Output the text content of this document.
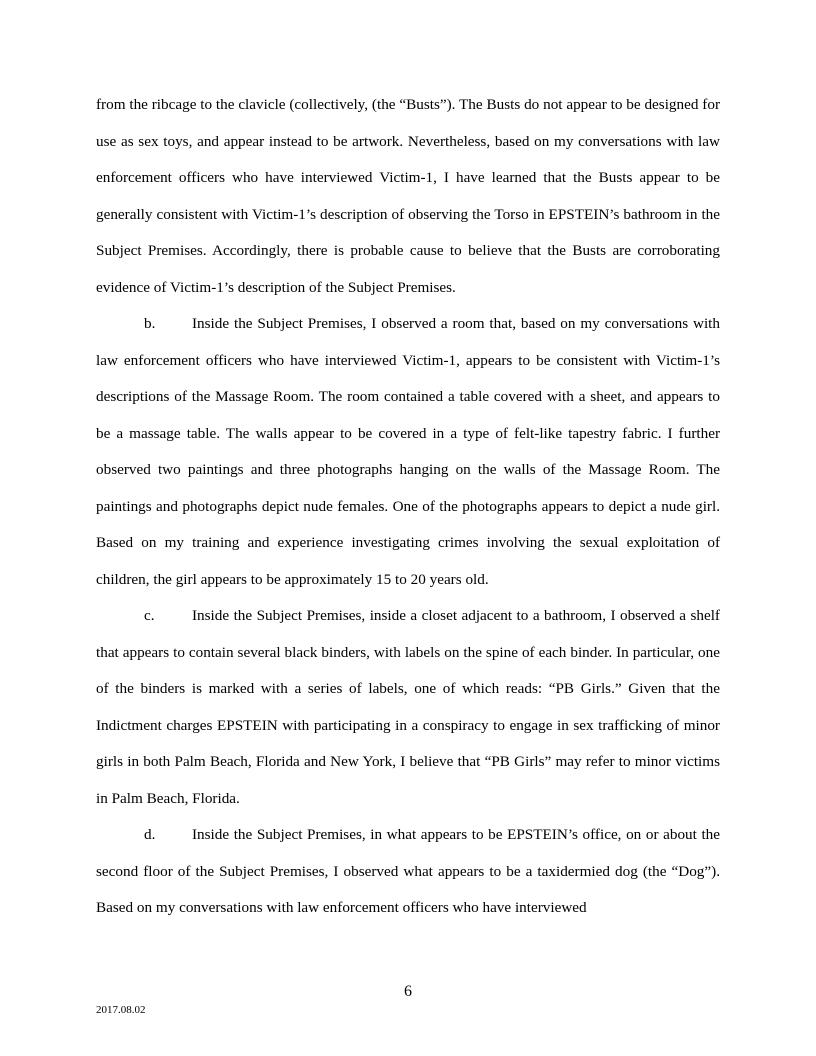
from the ribcage to the clavicle (collectively, (the “Busts”). The Busts do not appear to be designed for use as sex toys, and appear instead to be artwork. Nevertheless, based on my conversations with law enforcement officers who have interviewed Victim-1, I have learned that the Busts appear to be generally consistent with Victim-1’s description of observing the Torso in EPSTEIN’s bathroom in the Subject Premises. Accordingly, there is probable cause to believe that the Busts are corroborating evidence of Victim-1’s description of the Subject Premises.

b. Inside the Subject Premises, I observed a room that, based on my conversations with law enforcement officers who have interviewed Victim-1, appears to be consistent with Victim-1’s descriptions of the Massage Room. The room contained a table covered with a sheet, and appears to be a massage table. The walls appear to be covered in a type of felt-like tapestry fabric. I further observed two paintings and three photographs hanging on the walls of the Massage Room. The paintings and photographs depict nude females. One of the photographs appears to depict a nude girl. Based on my training and experience investigating crimes involving the sexual exploitation of children, the girl appears to be approximately 15 to 20 years old.

c. Inside the Subject Premises, inside a closet adjacent to a bathroom, I observed a shelf that appears to contain several black binders, with labels on the spine of each binder. In particular, one of the binders is marked with a series of labels, one of which reads: “PB Girls.” Given that the Indictment charges EPSTEIN with participating in a conspiracy to engage in sex trafficking of minor girls in both Palm Beach, Florida and New York, I believe that “PB Girls” may refer to minor victims in Palm Beach, Florida.

d. Inside the Subject Premises, in what appears to be EPSTEIN’s office, on or about the second floor of the Subject Premises, I observed what appears to be a taxidermied dog (the “Dog”). Based on my conversations with law enforcement officers who have interviewed

6
2017.08.02
